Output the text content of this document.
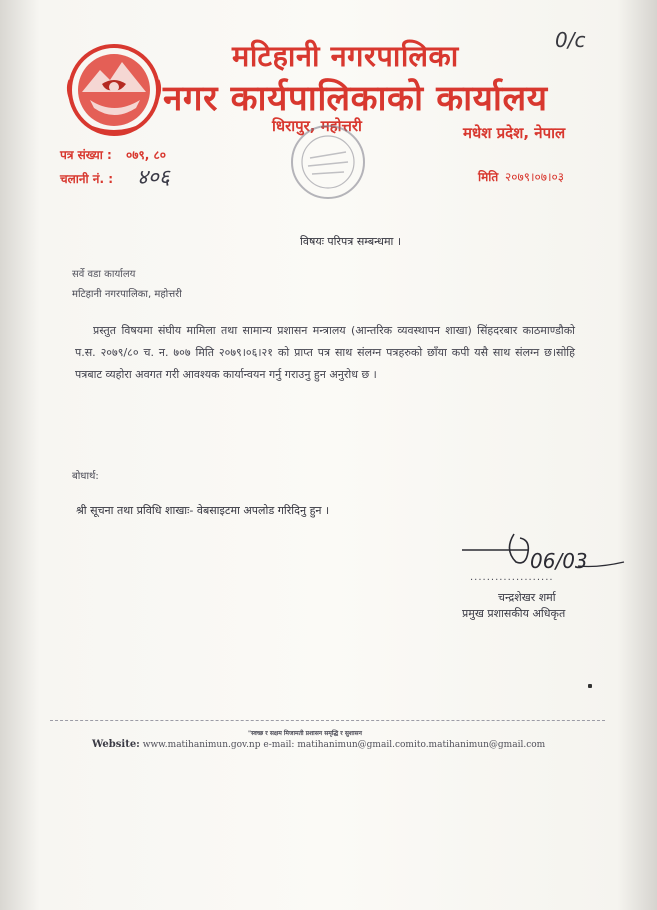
मटिहानी नगरपालिका
नगर कार्यपालिकाको कार्यालय
धिरापुर, महोत्तरी	मधेश प्रदेश, नेपाल
0/c
पत्र संख्या : ०७९, ८०
चलानी नं. : ४०६	मिति २०७९।०७।०३
विषयः परिपत्र सम्बन्धमा ।
सर्वे वडा कार्यालय
मटिहानी नगरपालिका, महोत्तरी
प्रस्तुत विषयमा संघीय मामिला तथा सामान्य प्रशासन मन्त्रालय (आन्तरिक व्यवस्थापन शाखा) सिंहदरबार काठमाण्डौको प.स. २०७९/८० च. न. ७०७ मिति २०७९।०६।२१ को प्राप्त पत्र साथ संलग्न पत्रहरुको छाँया कपी यसै साथ संलग्न छ।सोहि पत्रबाट व्यहोरा अवगत गरी आवश्यक कार्यान्वयन गर्नु गराउनु हुन अनुरोध छ ।
बोधार्थ:
श्री सूचना तथा प्रविधि शाखाः- वेबसाइटमा अपलोड गरिदिनु हुन ।
06/03
....................
चन्द्रशेखर शर्मा
प्रमुख प्रशासकीय अधिकृत
"स्वच्छ र सक्षम मिजामती प्रशासन समृद्धि र सुशासन
Website: www.matihanimun.gov.np e-mail: matihanimun@gmail.comito.matihanimun@gmail.com
